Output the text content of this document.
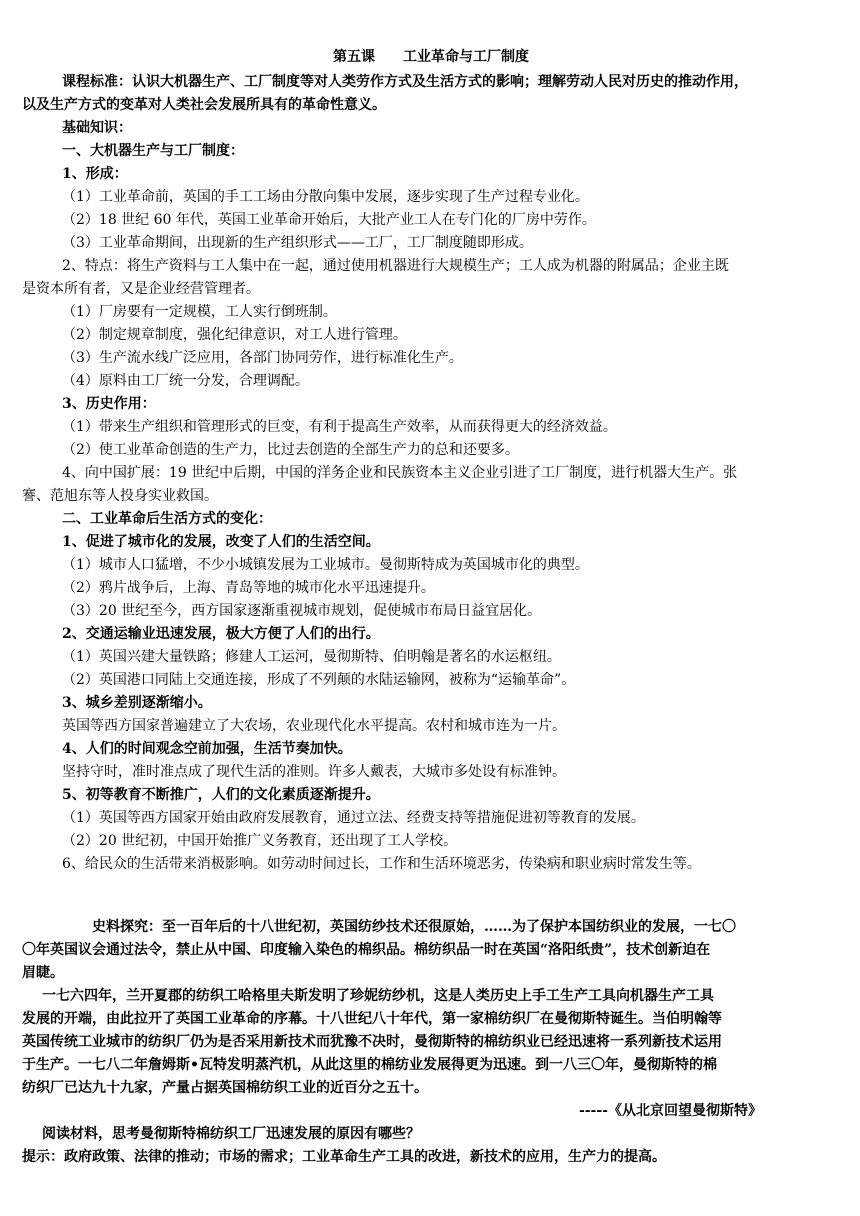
第五课　　工业革命与工厂制度
课程标准：认识大机器生产、工厂制度等对人类劳作方式及生活方式的影响；理解劳动人民对历史的推动作用，
以及生产方式的变革对人类社会发展所具有的革命性意义。
基础知识：
一、大机器生产与工厂制度：
1、形成：
（1）工业革命前，英国的手工工场由分散向集中发展，逐步实现了生产过程专业化。
（2）18 世纪 60 年代，英国工业革命开始后，大批产业工人在专门化的厂房中劳作。
（3）工业革命期间，出现新的生产组织形式——工厂，工厂制度随即形成。
2、特点：将生产资料与工人集中在一起，通过使用机器进行大规模生产；工人成为机器的附属品；企业主既
是资本所有者，又是企业经营管理者。
（1）厂房要有一定规模，工人实行倒班制。
（2）制定规章制度，强化纪律意识，对工人进行管理。
（3）生产流水线广泛应用，各部门协同劳作，进行标准化生产。
（4）原料由工厂统一分发，合理调配。
3、历史作用：
（1）带来生产组织和管理形式的巨变，有利于提高生产效率，从而获得更大的经济效益。
（2）使工业革命创造的生产力，比过去创造的全部生产力的总和还要多。
4、向中国扩展：19 世纪中后期，中国的洋务企业和民族资本主义企业引进了工厂制度，进行机器大生产。张
謇、范旭东等人投身实业救国。
二、工业革命后生活方式的变化：
1、促进了城市化的发展，改变了人们的生活空间。
（1）城市人口猛增，不少小城镇发展为工业城市。曼彻斯特成为英国城市化的典型。
（2）鸦片战争后，上海、青岛等地的城市化水平迅速提升。
（3）20 世纪至今，西方国家逐渐重视城市规划，促使城市布局日益宜居化。
2、交通运输业迅速发展，极大方便了人们的出行。
（1）英国兴建大量铁路；修建人工运河，曼彻斯特、伯明翰是著名的水运枢纽。
（2）英国港口同陆上交通连接，形成了不列颠的水陆运输网，被称为“运输革命”。
3、城乡差别逐渐缩小。
英国等西方国家普遍建立了大农场，农业现代化水平提高。农村和城市连为一片。
4、人们的时间观念空前加强，生活节奏加快。
坚持守时，准时准点成了现代生活的准则。许多人戴表，大城市多处设有标准钟。
5、初等教育不断推广，人们的文化素质逐渐提升。
（1）英国等西方国家开始由政府发展教育，通过立法、经费支持等措施促进初等教育的发展。
（2）20 世纪初，中国开始推广义务教育，还出现了工人学校。
6、给民众的生活带来消极影响。如劳动时间过长，工作和生活环境恶劣，传染病和职业病时常发生等。
史料探究：至一百年后的十八世纪初，英国纺纱技术还很原始，……为了保护本国纺织业的发展，一七〇
〇年英国议会通过法令，禁止从中国、印度输入染色的棉织品。棉纺织品一时在英国“洛阳纸贵”，技术创新迫在
眉睫。
一七六四年，兰开夏郡的纺织工哈格里夫斯发明了珍妮纺纱机，这是人类历史上手工生产工具向机器生产工具
发展的开端，由此拉开了英国工业革命的序幕。十八世纪八十年代，第一家棉纺织厂在曼彻斯特诞生。当伯明翰等
英国传统工业城市的纺织厂仍为是否采用新技术而犹豫不决时，曼彻斯特的棉纺织业已经迅速将一系列新技术运用
于生产。一七八二年詹姆斯•瓦特发明蒸汽机，从此这里的棉纺业发展得更为迅速。到一八三〇年，曼彻斯特的棉
纺织厂已达九十九家，产量占据英国棉纺织工业的近百分之五十。
-----《从北京回望曼彻斯特》
阅读材料，思考曼彻斯特棉纺织工厂迅速发展的原因有哪些？
提示：政府政策、法律的推动；市场的需求；工业革命生产工具的改进，新技术的应用，生产力的提高。
